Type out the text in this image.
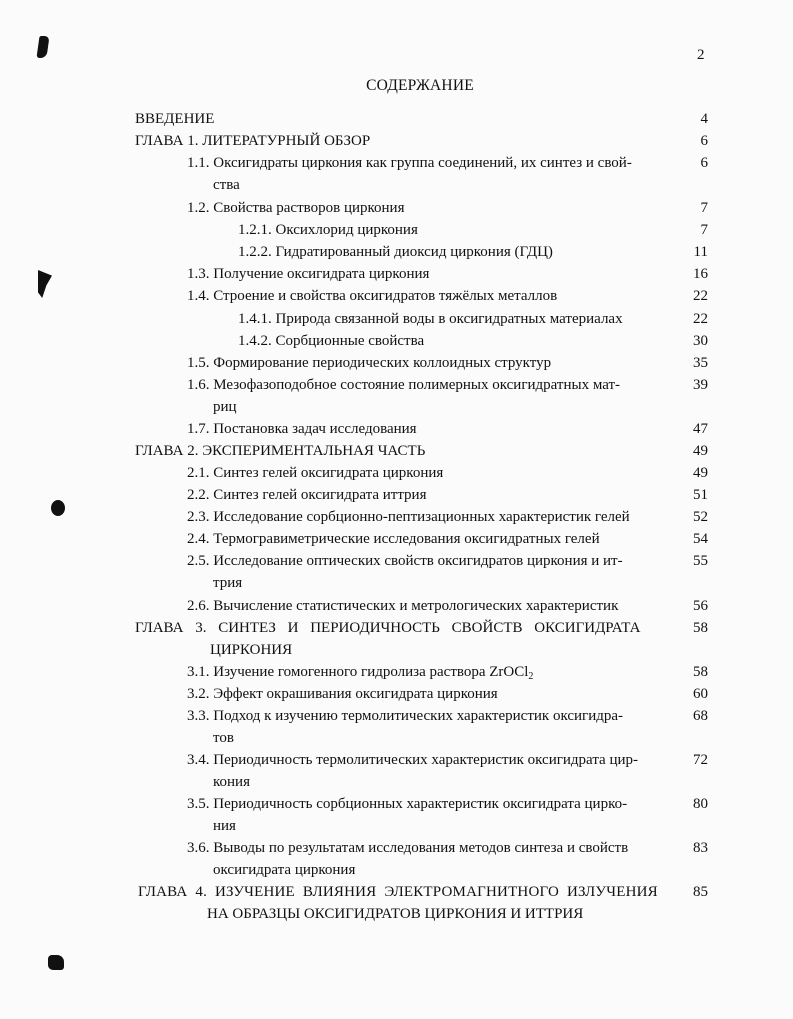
2
СОДЕРЖАНИЕ
ВВЕДЕНИЕ	4
ГЛАВА 1. ЛИТЕРАТУРНЫЙ ОБЗОР	6
1.1. Оксигидраты циркония как группа соединений, их синтез и свой-	6
ства
1.2. Свойства растворов циркония	7
1.2.1. Оксихлорид циркония	7
1.2.2. Гидратированный диоксид циркония (ГДЦ)	11
1.3. Получение оксигидрата циркония	16
1.4. Строение и свойства оксигидратов тяжёлых металлов	22
1.4.1. Природа связанной воды в оксигидратных материалах	22
1.4.2. Сорбционные свойства	30
1.5. Формирование периодических коллоидных структур	35
1.6. Мезофазоподобное состояние полимерных оксигидратных мат-	39
риц
1.7. Постановка задач исследования	47
ГЛАВА 2. ЭКСПЕРИМЕНТАЛЬНАЯ ЧАСТЬ	49
2.1. Синтез гелей оксигидрата циркония	49
2.2. Синтез гелей оксигидрата иттрия	51
2.3. Исследование сорбционно-пептизационных характеристик гелей	52
2.4. Термогравиметрические исследования оксигидратных гелей	54
2.5. Исследование оптических свойств оксигидратов циркония и ит-	55
трия
2.6. Вычисление статистических и метрологических характеристик	56
ГЛАВА 3. СИНТЕЗ И ПЕРИОДИЧНОСТЬ СВОЙСТВ ОКСИГИДРАТА	58
ЦИРКОНИЯ
3.1. Изучение гомогенного гидролиза раствора ZrOCl$_2$	58
3.2. Эффект окрашивания оксигидрата циркония	60
3.3. Подход к изучению термолитических характеристик оксигидра-	68
тов
3.4. Периодичность термолитических характеристик оксигидрата цир-	72
кония
3.5. Периодичность сорбционных характеристик оксигидрата цирко-	80
ния
3.6. Выводы по результатам исследования методов синтеза и свойств	83
оксигидрата циркония
ГЛАВА 4. ИЗУЧЕНИЕ ВЛИЯНИЯ ЭЛЕКТРОМАГНИТНОГО ИЗЛУЧЕНИЯ	85
НА ОБРАЗЦЫ ОКСИГИДРАТОВ ЦИРКОНИЯ И ИТТРИЯ
